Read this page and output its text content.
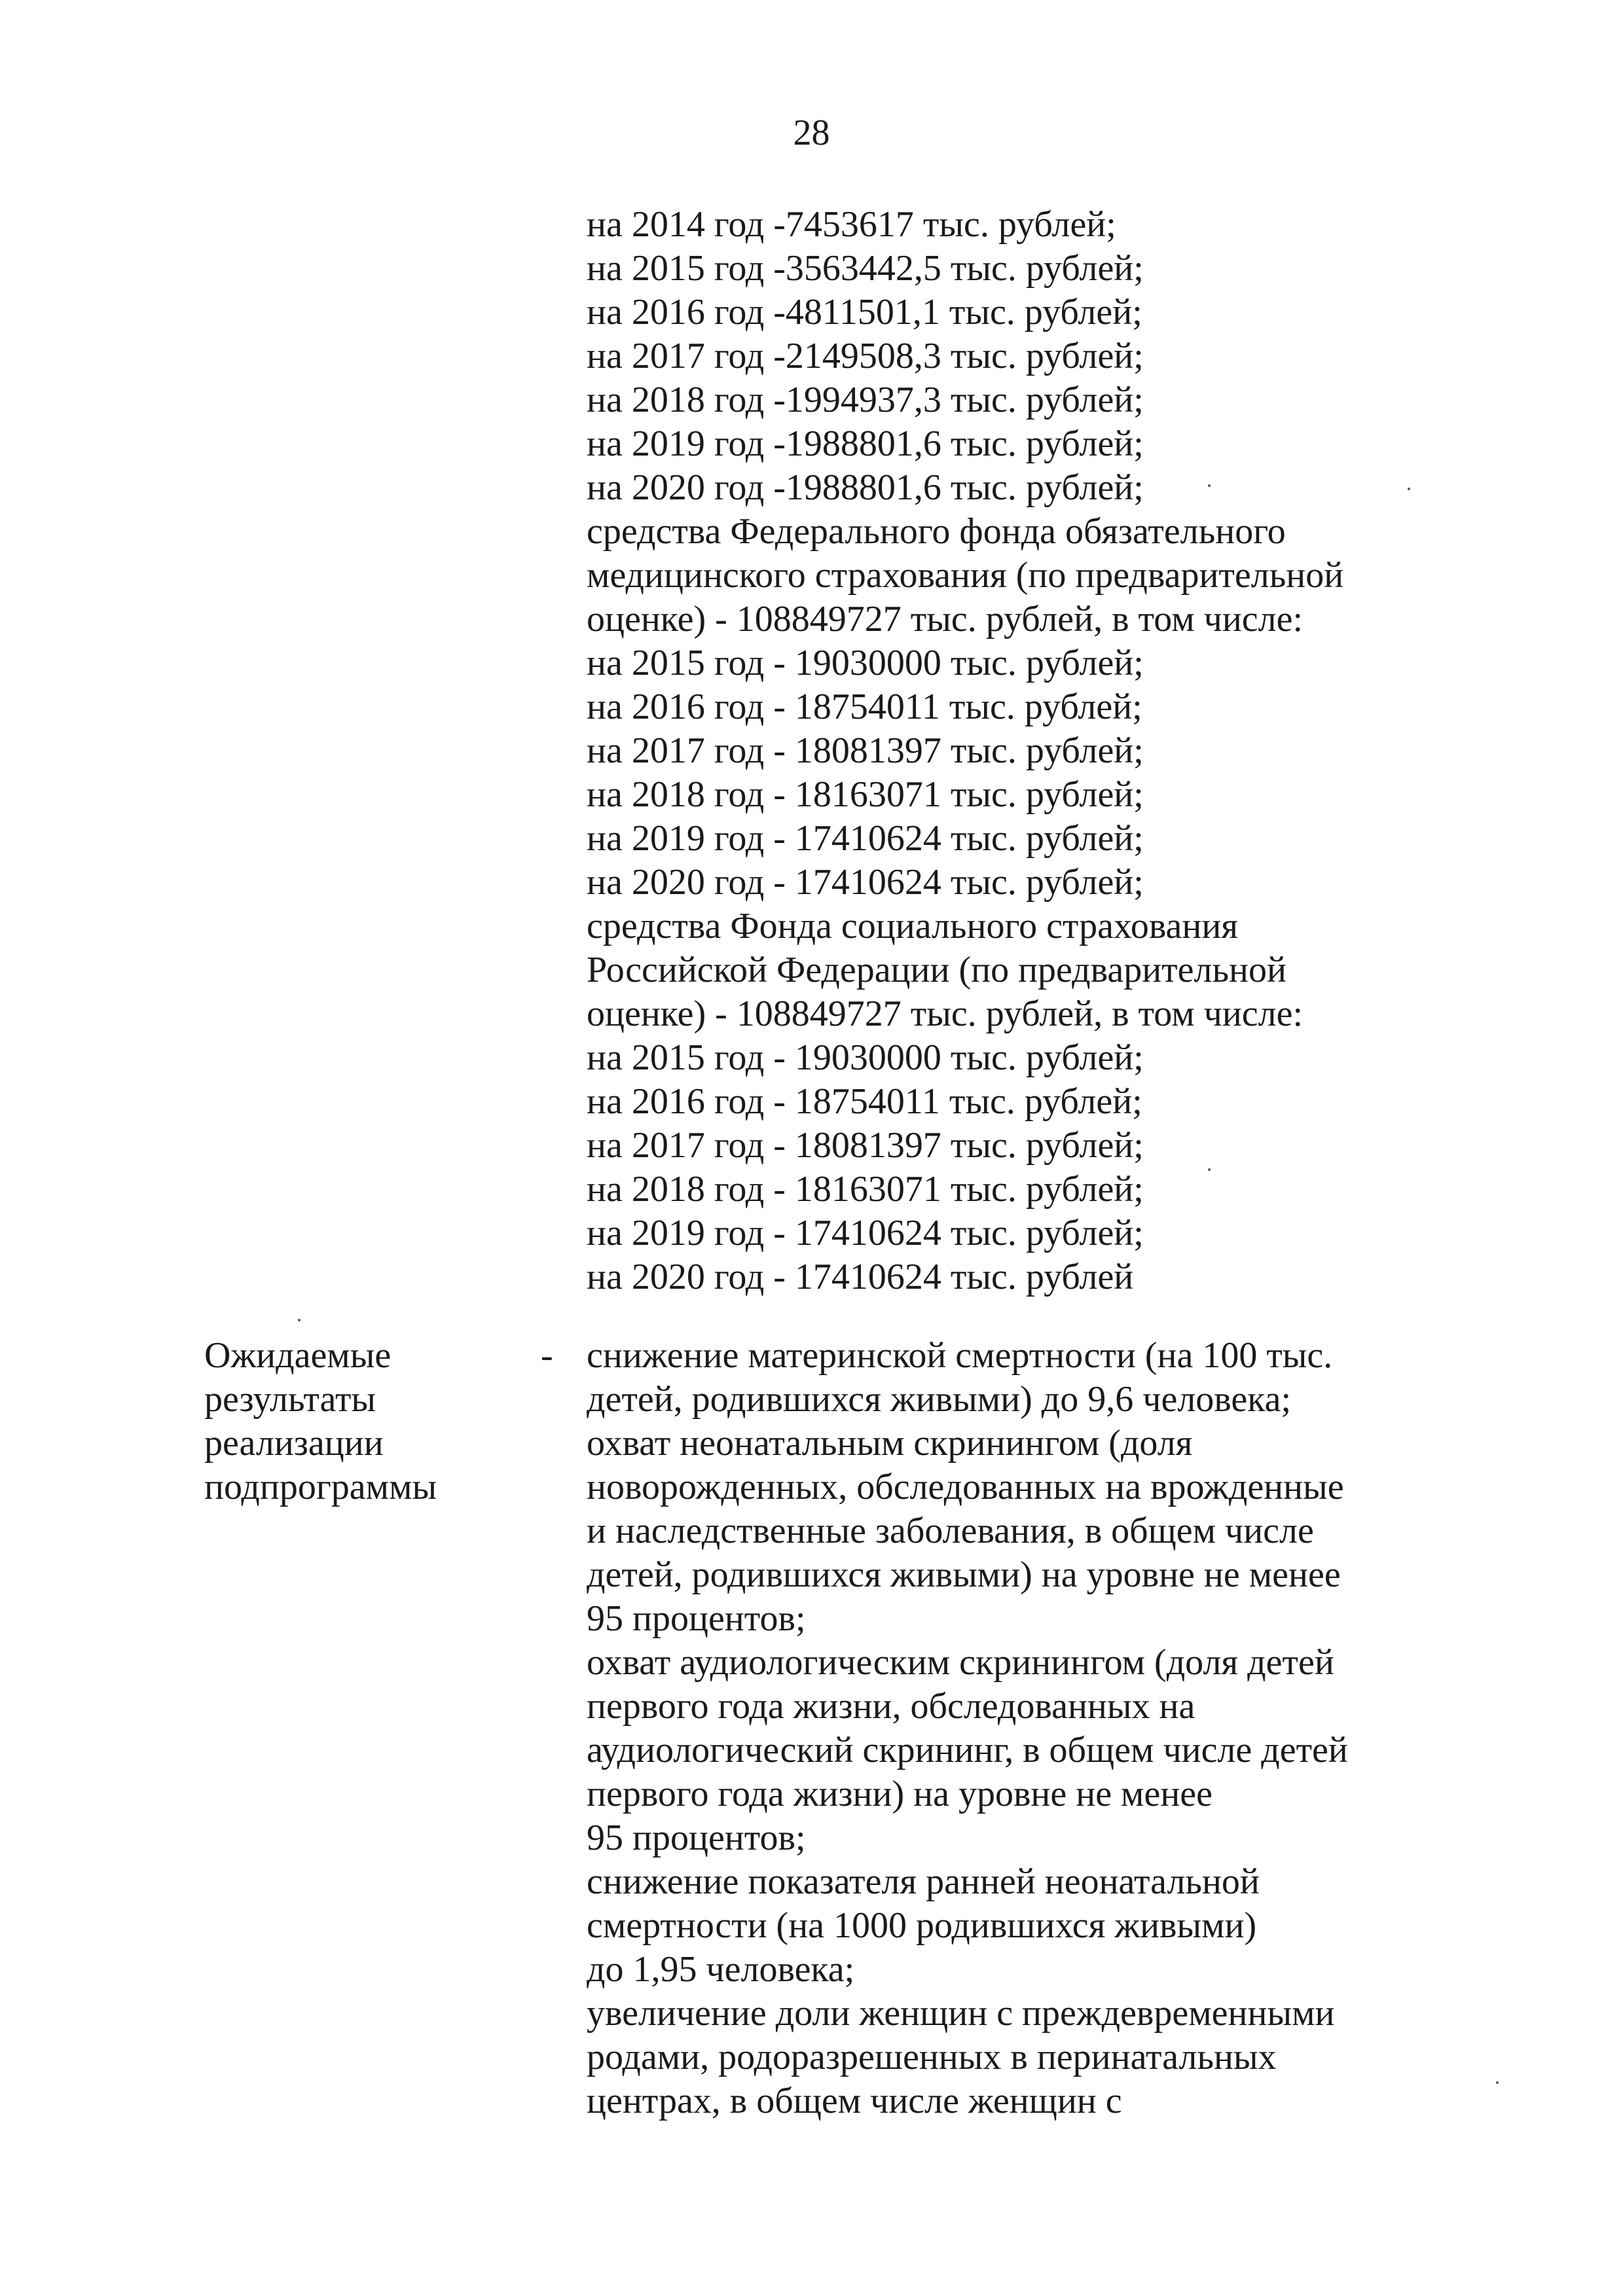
28
на 2014 год -7453617 тыс. рублей;
на 2015 год -3563442,5 тыс. рублей;
на 2016 год -4811501,1 тыс. рублей;
на 2017 год -2149508,3 тыс. рублей;
на 2018 год -1994937,3 тыс. рублей;
на 2019 год -1988801,6 тыс. рублей;
на 2020 год -1988801,6 тыс. рублей;
средства Федерального фонда обязательного
медицинского страхования (по предварительной
оценке) - 108849727 тыс. рублей, в том числе:
на 2015 год - 19030000 тыс. рублей;
на 2016 год - 18754011 тыс. рублей;
на 2017 год - 18081397 тыс. рублей;
на 2018 год - 18163071 тыс. рублей;
на 2019 год - 17410624 тыс. рублей;
на 2020 год - 17410624 тыс. рублей;
средства Фонда социального страхования
Российской Федерации (по предварительной
оценке) - 108849727 тыс. рублей, в том числе:
на 2015 год - 19030000 тыс. рублей;
на 2016 год - 18754011 тыс. рублей;
на 2017 год - 18081397 тыс. рублей;
на 2018 год - 18163071 тыс. рублей;
на 2019 год - 17410624 тыс. рублей;
на 2020 год - 17410624 тыс. рублей
Ожидаемые
результаты
реализации
подпрограммы
- снижение материнской смертности (на 100 тыс.
детей, родившихся живыми) до 9,6 человека;
охват неонатальным скринингом (доля
новорожденных, обследованных на врожденные
и наследственные заболевания, в общем числе
детей, родившихся живыми) на уровне не менее
95 процентов;
охват аудиологическим скринингом (доля детей
первого года жизни, обследованных на
аудиологический скрининг, в общем числе детей
первого года жизни) на уровне не менее
95 процентов;
снижение показателя ранней неонатальной
смертности (на 1000 родившихся живыми)
до 1,95 человека;
увеличение доли женщин с преждевременными
родами, родоразрешенных в перинатальных
центрах, в общем числе женщин с
